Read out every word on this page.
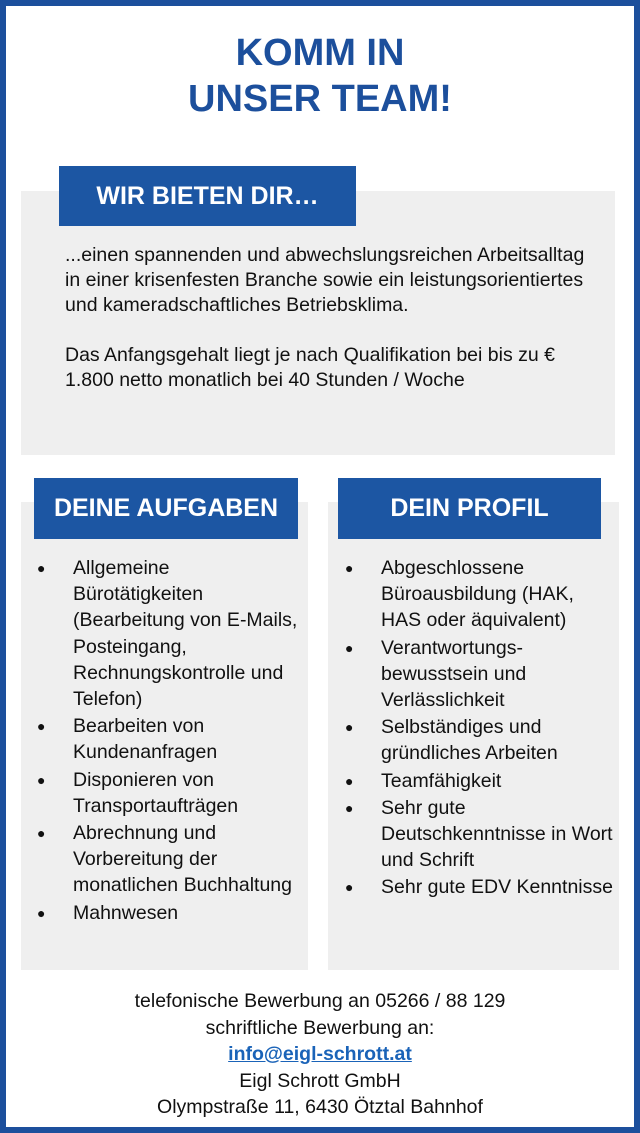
KOMM IN
UNSER TEAM!
WIR BIETEN DIR…

...einen spannenden und abwechslungsreichen Arbeitsalltag in einer krisenfesten Branche sowie ein leistungsorientiertes und kameradschaftliches Betriebsklima.

Das Anfangsgehalt liegt je nach Qualifikation bei bis zu € 1.800 netto monatlich bei 40 Stunden / Woche

DEINE AUFGABEN	DEIN PROFIL
● Allgemeine Bürotätigkeiten (Bearbeitung von E-Mails, Posteingang, Rechnungskontrolle und Telefon)
● Bearbeiten von Kundenanfragen
● Disponieren von Transportaufträgen
● Abrechnung und Vorbereitung der monatlichen Buchhaltung
● Mahnwesen
● Abgeschlossene Büroausbildung (HAK, HAS oder äquivalent)
● Verantwortungs-bewusstsein und Verlässlichkeit
● Selbständiges und gründliches Arbeiten
● Teamfähigkeit
● Sehr gute Deutschkenntnisse in Wort und Schrift
● Sehr gute EDV Kenntnisse
telefonische Bewerbung an 05266 / 88 129
schriftliche Bewerbung an:
info@eigl-schrott.at
Eigl Schrott GmbH
Olympstraße 11, 6430 Ötztal Bahnhof
